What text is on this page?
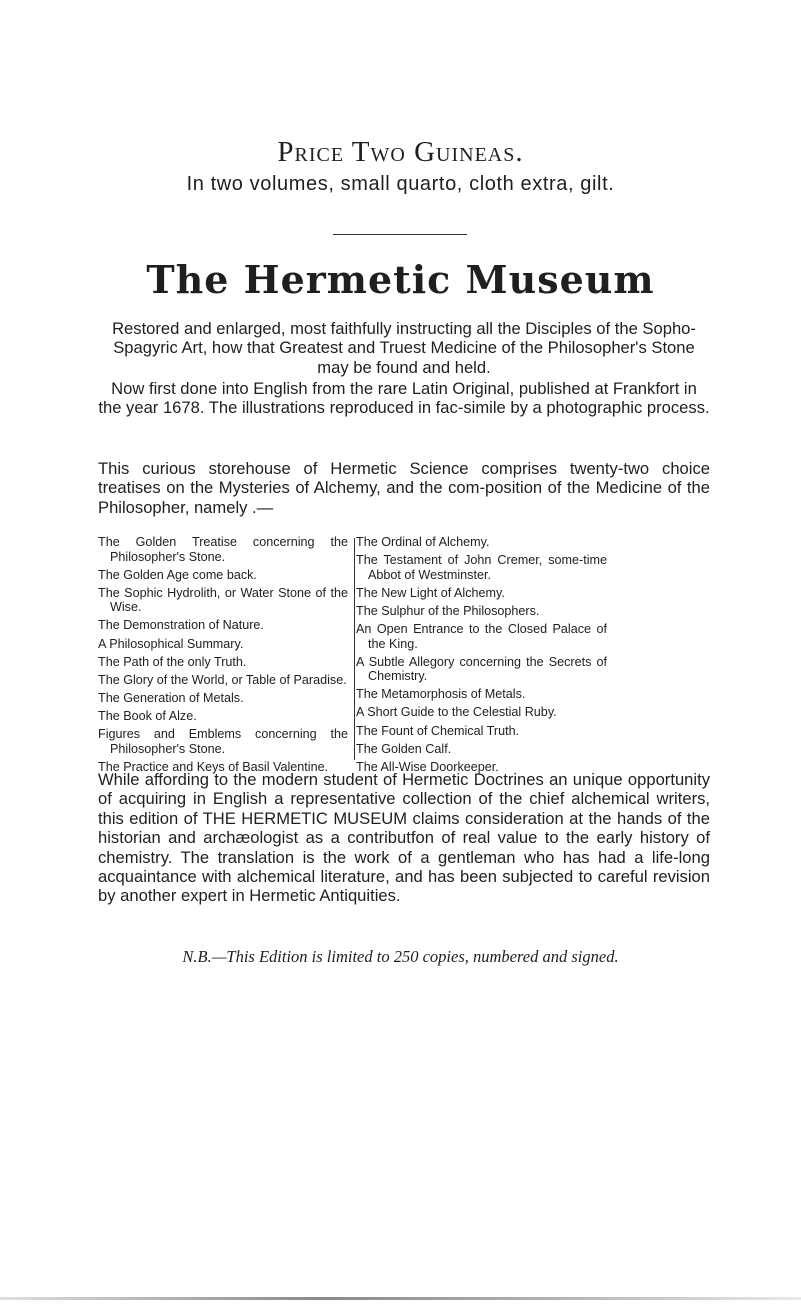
Price Two Guineas.
In two volumes, small quarto, cloth extra, gilt.
The Hermetic Museum
Restored and enlarged, most faithfully instructing all the Disciples of the Sopho-Spagyric Art, how that Greatest and Truest Medicine of the Philosopher's Stone may be found and held.
Now first done into English from the rare Latin Original, published at Frankfort in the year 1678. The illustrations reproduced in fac-simile by a photographic process.
This curious storehouse of Hermetic Science comprises twenty-two choice treatises on the Mysteries of Alchemy, and the com-position of the Medicine of the Philosopher, namely .—
The Golden Treatise concerning the Philosopher's Stone.
The Golden Age come back.
The Sophic Hydrolith, or Water Stone of the Wise.
The Demonstration of Nature.
A Philosophical Summary.
The Path of the only Truth.
The Glory of the World, or Table of Paradise.
The Generation of Metals.
The Book of Alze.
Figures and Emblems concerning the Philosopher's Stone.
The Practice and Keys of Basil Valentine.
The Ordinal of Alchemy.
The Testament of John Cremer, some-time Abbot of Westminster.
The New Light of Alchemy.
The Sulphur of the Philosophers.
An Open Entrance to the Closed Palace of the King.
A Subtle Allegory concerning the Secrets of Chemistry.
The Metamorphosis of Metals.
A Short Guide to the Celestial Ruby.
The Fount of Chemical Truth.
The Golden Calf.
The All-Wise Doorkeeper.
While affording to the modern student of Hermetic Doctrines an unique opportunity of acquiring in English a representative collection of the chief alchemical writers, this edition of THE HERMETIC MUSEUM claims consideration at the hands of the historian and archæologist as a contributfon of real value to the early history of chemistry. The translation is the work of a gentleman who has had a life-long acquaintance with alchemical literature, and has been subjected to careful revision by another expert in Hermetic Antiquities.
N.B.—This Edition is limited to 250 copies, numbered and signed.
